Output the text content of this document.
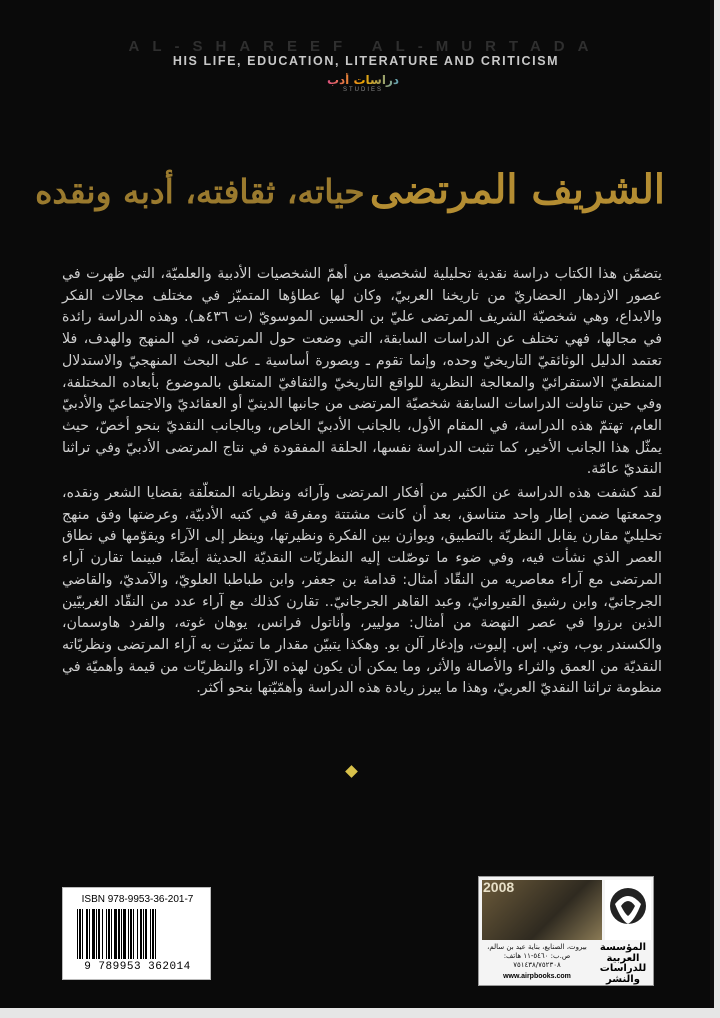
AL-SHAREEF AL-MURTADA
HIS LIFE, EDUCATION, LITERATURE AND CRITICISM
دراسات أدب
STUDIES
الشريف المرتضى حياته، ثقافته، أدبه ونقده

يتضمّن هذا الكتاب دراسة نقدية تحليلية لشخصية من أهمّ الشخصيات الأدبية والعلميّة، التي ظهرت في عصور الازدهار الحضاريّ من تاريخنا العربيّ، وكان لها عطاؤها المتميّز في مختلف مجالات الفكر والابداع، وهي شخصيّة الشريف المرتضى عليّ بن الحسين الموسويّ (ت ٤٣٦هـ). وهذه الدراسة رائدة في مجالها، فهي تختلف عن الدراسات السابقة، التي وضعت حول المرتضى، في المنهج والهدف، فلا تعتمد الدليل الوثائقيّ التاريخيّ وحده، وإنما تقوم ـ وبصورة أساسية ـ على البحث المنهجيّ والاستدلال المنطقيّ الاستقرائيّ والمعالجة النظرية للواقع التاريخيّ والثقافيّ المتعلق بالموضوع بأبعاده المختلفة، وفي حين تناولت الدراسات السابقة شخصيّة المرتضى من جانبها الدينيّ أو العقائديّ والاجتماعيّ والأدبيّ العام، تهتمّ هذه الدراسة، في المقام الأول، بالجانب الأدبيّ الخاص، وبالجانب النقديّ بنحو أخصّ، حيث يمثّل هذا الجانب الأخير، كما تثبت الدراسة نفسها، الحلقة المفقودة في نتاج المرتضى الأدبيّ وفي تراثنا النقديّ عامّة.

لقد كشفت هذه الدراسة عن الكثير من أفكار المرتضى وآرائه ونظرياته المتعلّقة بقضايا الشعر ونقده، وجمعتها ضمن إطار واحد متناسق، بعد أن كانت مشتتة ومفرقة في كتبه الأدبيّة، وعرضتها وفق منهج تحليليّ مقارن يقابل النظريّة بالتطبيق، ويوازن بين الفكرة ونظيرتها، وينظر إلى الآراء ويقوّمها في نطاق العصر الذي نشأت فيه، وفي ضوء ما توصّلت إليه النظريّات النقديّة الحديثة أيضًا، فبينما تقارن آراء المرتضى مع آراء معاصريه من النقّاد أمثال: قدامة بن جعفر، وابن طباطبا العلويّ، والآمديّ، والقاضي الجرجانيّ، وابن رشيق القيروانيّ، وعبد القاهر الجرجانيّ.. تقارن كذلك مع آراء عدد من النقّاد الغربيّين الذين برزوا في عصر النهضة من أمثال: موليير، وأناتول فرانس، يوهان غوته، والفرد هاوسمان، والكسندر بوب، وتي. إس. إليوت، وإدغار آلن بو. وهكذا يتبيّن مقدار ما تميّزت به آراء المرتضى ونظريّاته النقديّة من العمق والثراء والأصالة والأثر، وما يمكن أن يكون لهذه الآراء والنظريّات من قيمة وأهميّة في منظومة تراثنا النقديّ العربيّ، وهذا ما يبرز ريادة هذه الدراسة وأهمّيّتها بنحو أكثر.

ISBN 978-9953-36-201-7
9 789953 362014
2008
بيروت، الصنايع، بناية عيد بن سالم، ص.ب: ٥٤٦٠-١١ هاتف: ٧٥١٤٣٨/٧٥٢٣٠٨
www.airpbooks.com
المؤسسة العربية للدراسات والنشر
